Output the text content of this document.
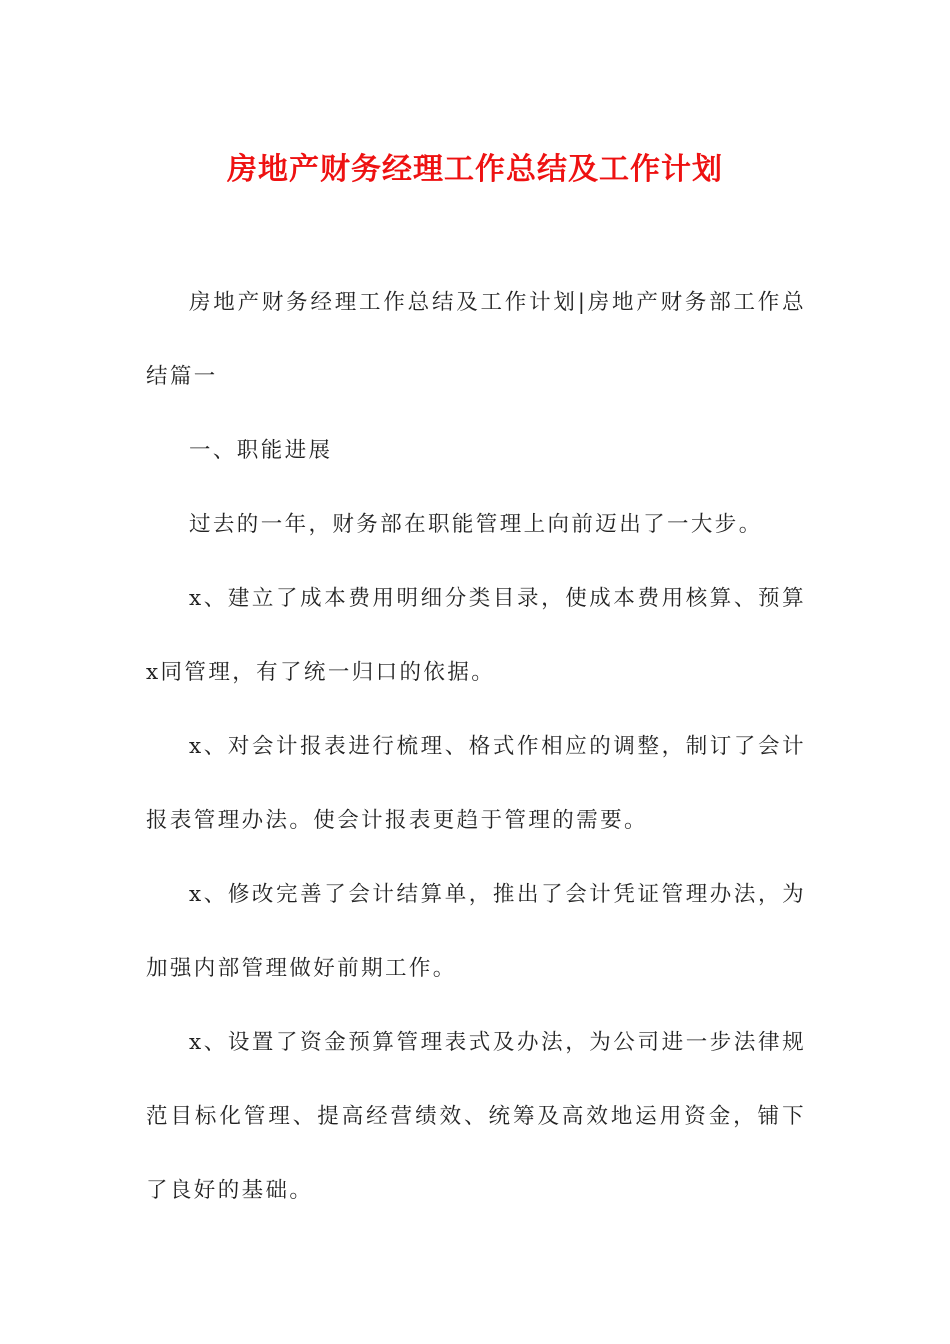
房地产财务经理工作总结及工作计划

房地产财务经理工作总结及工作计划|房地产财务部工作总结篇一

一、职能进展

过去的一年，财务部在职能管理上向前迈出了一大步。

x、建立了成本费用明细分类目录，使成本费用核算、预算x同管理，有了统一归口的依据。

x、对会计报表进行梳理、格式作相应的调整，制订了会计报表管理办法。使会计报表更趋于管理的需要。

x、修改完善了会计结算单，推出了会计凭证管理办法，为加强内部管理做好前期工作。

x、设置了资金预算管理表式及办法，为公司进一步法律规范目标化管理、提高经营绩效、统筹及高效地运用资金，铺下了良好的基础。
